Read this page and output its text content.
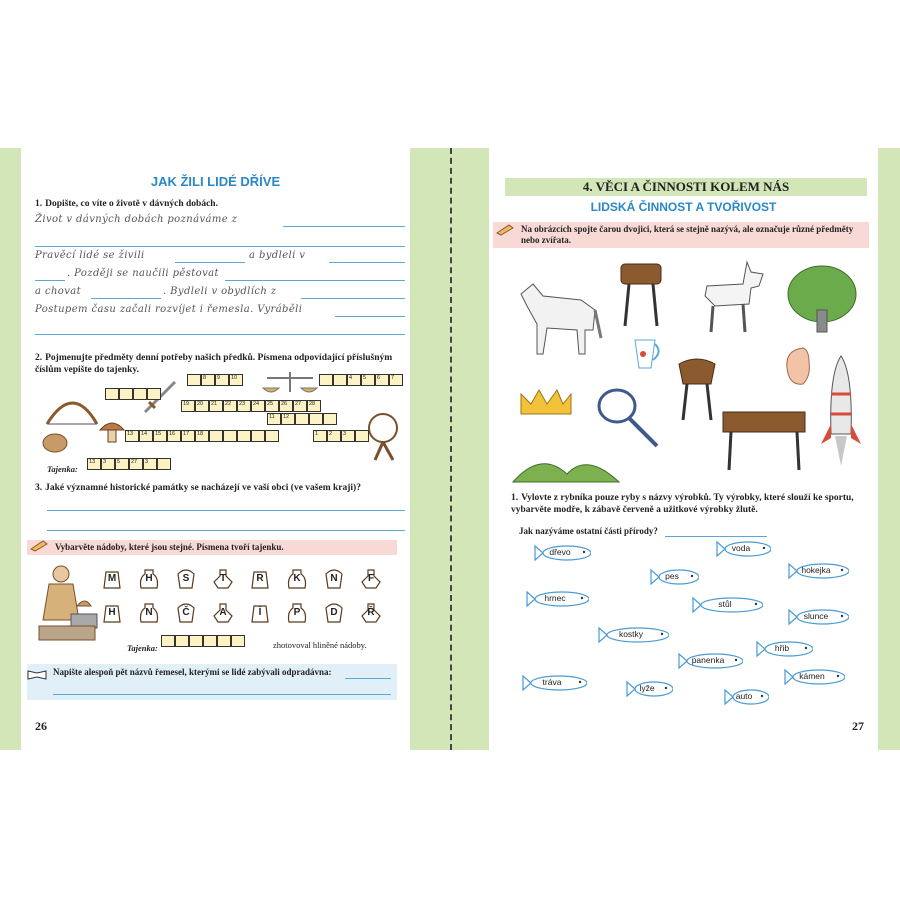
JAK ŽILI LIDÉ DŘÍVE
1. Dopište, co víte o životě v dávných dobách.
Život v dávných dobách poznáváme z
Pravěcí lidé se živili	a bydleli v
. Později se naučili pěstovat
a chovat	. Bydleli v obydlích z
Postupem času začali rozvíjet i řemesla. Vyráběli
2. Pojmenujte předměty denní potřeby našich předků. Písmena odpovídající příslušným číslům vepište do tajenky.
8	9	10	4	5	6	7
19	20	21	22	23	24	25	26	27	28
13	14	15	16	17	18
11	12
1	2	3
Tajenka:
13	3	5	27	3
3. Jaké významné historické památky se nacházejí ve vaší obci (ve vašem kraji)?
Vybarvěte nádoby, které jsou stejné. Písmena tvoří tajenku.
M	H	S	T	R	K	N	F
H	N	Č	A	Í	P	D	Ř
Tajenka:	zhotovoval hliněné nádoby.
Napište alespoň pět názvů řemesel, kterými se lidé zabývali odpradávna:
26
4. VĚCI A ČINNOSTI KOLEM NÁS
LIDSKÁ ČINNOST A TVOŘIVOST
Na obrázcích spojte čarou dvojici, která se stejně nazývá, ale označuje různé předměty nebo zvířata.
1. Vylovte z rybníka pouze ryby s názvy výrobků. Ty výrobky, které slouží ke sportu, vybarvěte modře, k zábavě červeně a užitkové výrobky žlutě.
Jak nazýváme ostatní části přírody?
dřevo	voda
pes
hokejka
hrnec
stůl
slunce
kostky
hřib
panenka
kámen
tráva
lyže
auto
27
